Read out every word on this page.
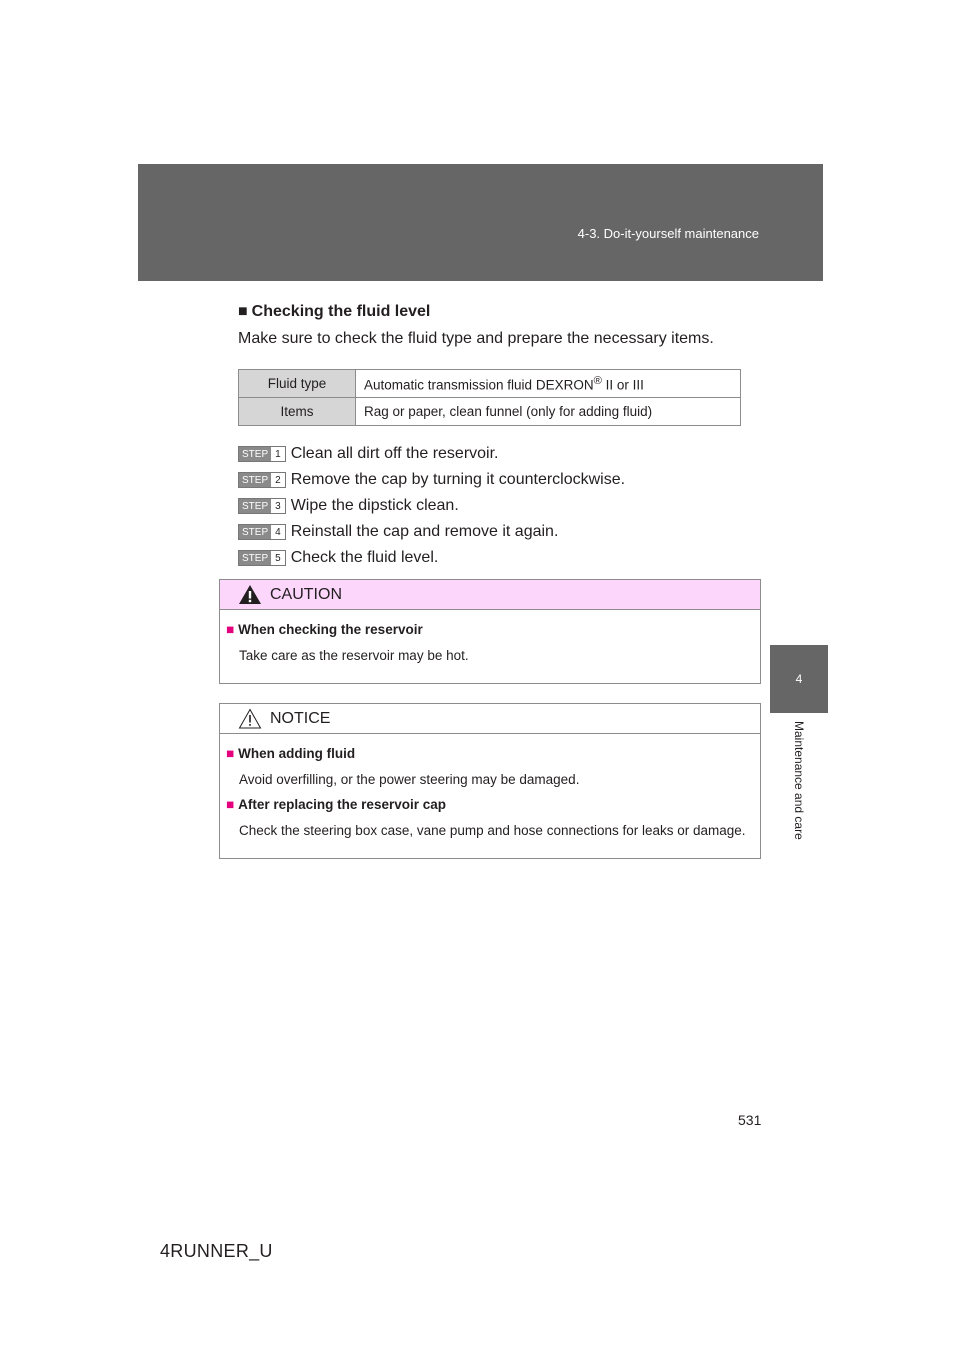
4-3. Do-it-yourself maintenance
4
Maintenance and care
■ Checking the fluid level
Make sure to check the fluid type and prepare the necessary items.
Fluid type	Automatic transmission fluid DEXRON® II or III
Items	Rag or paper, clean funnel (only for adding fluid)
STEP 1 Clean all dirt off the reservoir.
STEP 2 Remove the cap by turning it counterclockwise.
STEP 3 Wipe the dipstick clean.
STEP 4 Reinstall the cap and remove it again.
STEP 5 Check the fluid level.
CAUTION
■ When checking the reservoir
Take care as the reservoir may be hot.
NOTICE
■ When adding fluid
Avoid overfilling, or the power steering may be damaged.
■ After replacing the reservoir cap
Check the steering box case, vane pump and hose connections for leaks or damage.
531
4RUNNER_U
